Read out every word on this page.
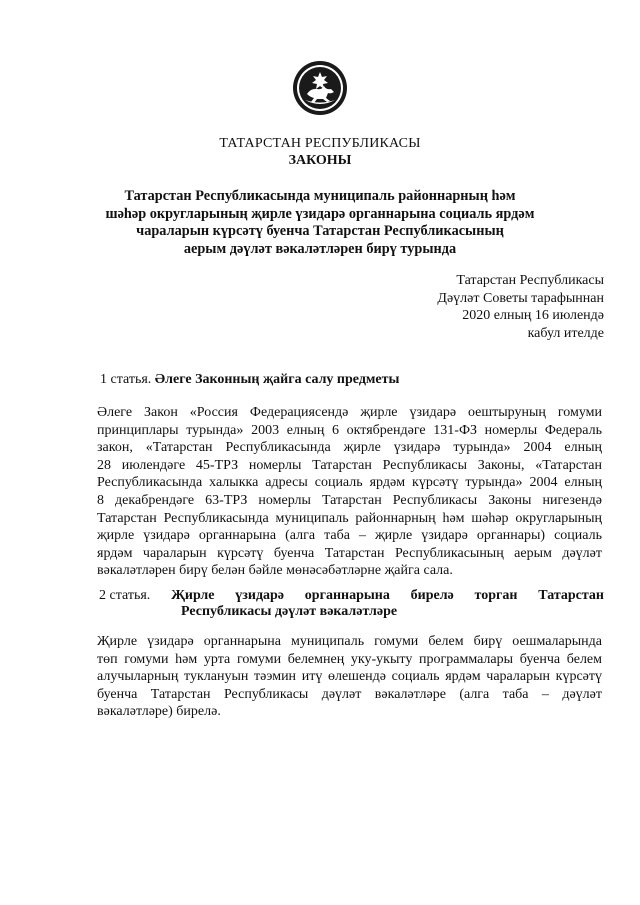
ТАТАРСТАН РЕСПУБЛИКАСЫ
ЗАКОНЫ
Татарстан Республикасында муниципаль районнарның һәм
шәһәр округларының җирле үзидарә органнарына социаль ярдәм
чараларын күрсәтү буенча Татарстан Республикасының
аерым дәүләт вәкаләтләрен бирү турында
Татарстан Республикасы
Дәүләт Советы тарафыннан
2020 елның 16 июлендә
кабул ителде
1 статья. Әлеге Законның җайга салу предметы
Әлеге Закон «Россия Федерациясендә җирле үзидарә оештыруның гомуми
принциплары турында» 2003 елның 6 октябрендәге 131-ФЗ номерлы Федераль
закон, «Татарстан Республикасында җирле үзидарә турында» 2004 елның
28 июлендәге 45-ТРЗ номерлы Татарстан Республикасы Законы, «Татарстан
Республикасында халыкка адресы социаль ярдәм күрсәтү турында» 2004 елның
8 декабрендәге 63-ТРЗ номерлы Татарстан Республикасы Законы нигезендә
Татарстан Республикасында муниципаль районнарның һәм шәһәр округларының
җирле үзидарә органнарына (алга таба – җирле үзидарә органнары) социаль
ярдәм чараларын күрсәтү буенча Татарстан Республикасының аерым дәүләт
вәкаләтләрен бирү белән бәйле мөнәсәбәтләрне җайга сала.
2 статья. Җирле үзидарә органнарына бирелә торган Татарстан
Республикасы дәүләт вәкаләтләре
Җирле үзидарә органнарына муниципаль гомуми белем бирү оешмаларында
төп гомуми һәм урта гомуми белемнең уку-укыту программалары буенча белем
алучыларның туклануын тәэмин итү өлешендә социаль ярдәм чараларын күрсәтү
буенча Татарстан Республикасы дәүләт вәкаләтләре (алга таба – дәүләт
вәкаләтләре) бирелә.
